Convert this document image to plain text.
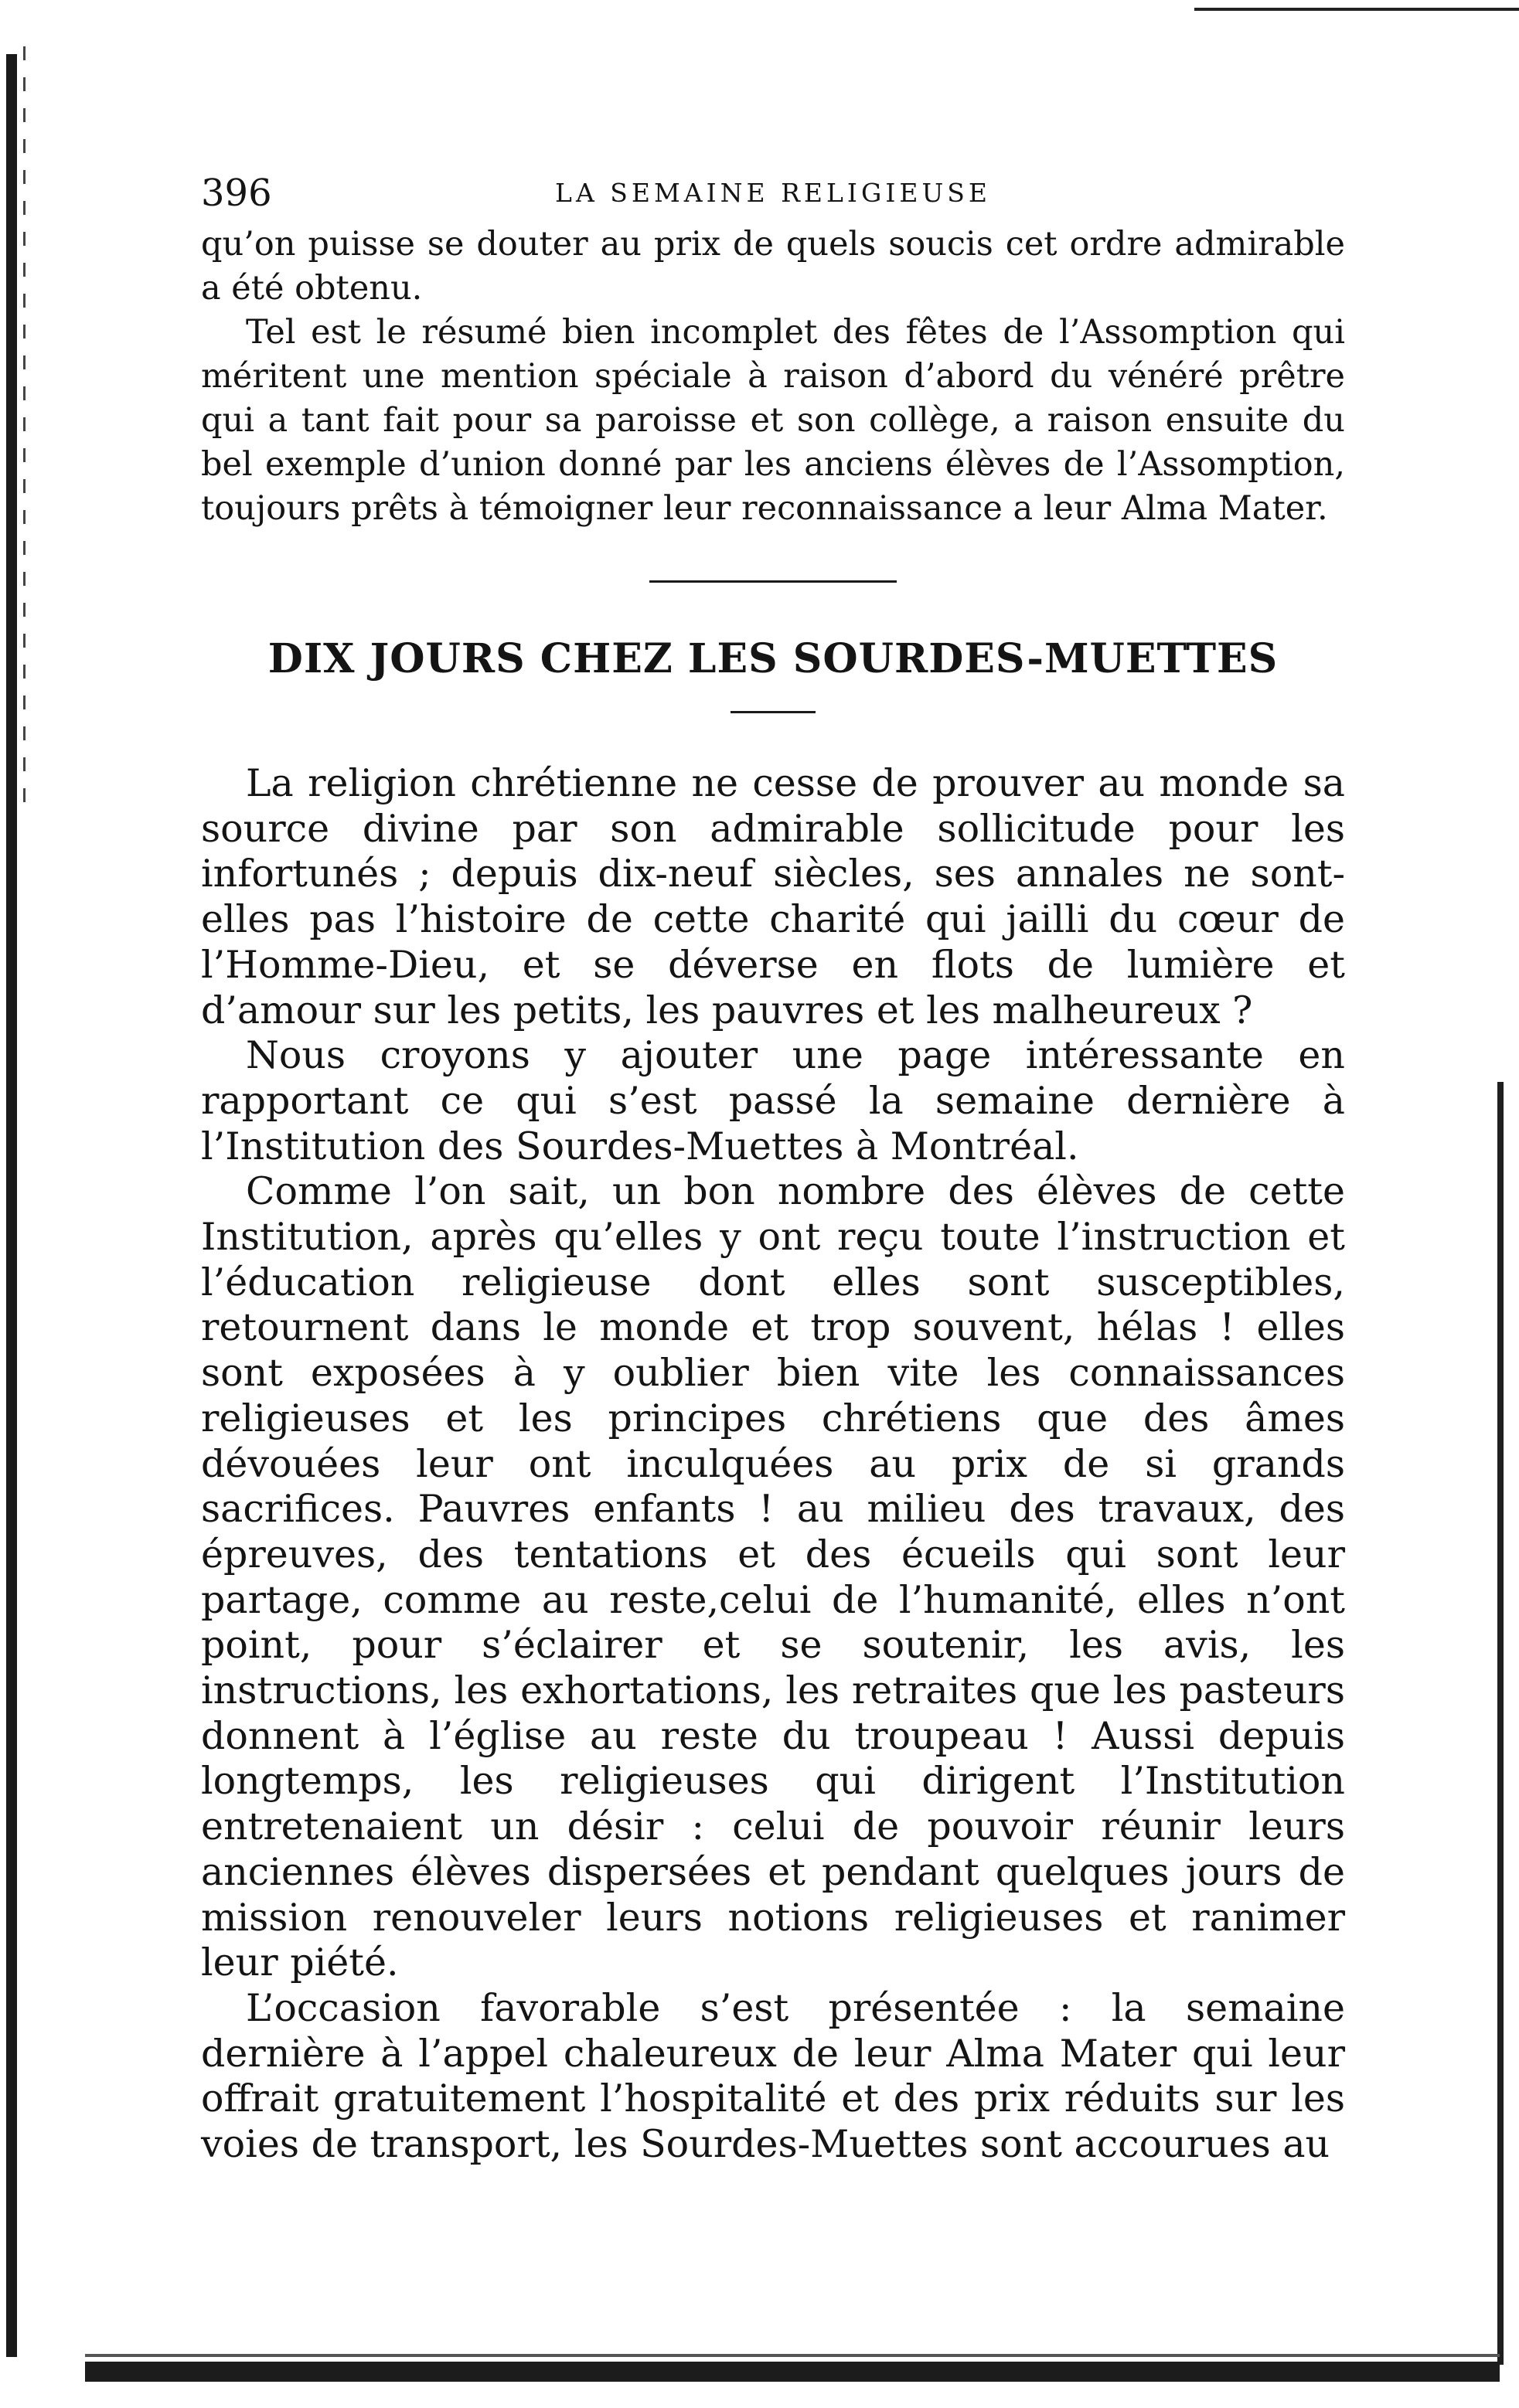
396	LA SEMAINE RELIGIEUSE

qu’on puisse se douter au prix de quels soucis cet ordre admirable a été obtenu.

Tel est le résumé bien incomplet des fêtes de l’Assomption qui méritent une mention spéciale à raison d’abord du vénéré prêtre qui a tant fait pour sa paroisse et son collège, a raison ensuite du bel exemple d’union donné par les anciens élèves de l’Assomption, toujours prêts à témoigner leur reconnaissance a leur Alma Mater.

DIX JOURS CHEZ LES SOURDES-MUETTES

La religion chrétienne ne cesse de prouver au monde sa source divine par son admirable sollicitude pour les infortunés ; depuis dix-neuf siècles, ses annales ne sont-elles pas l’histoire de cette charité qui jailli du cœur de l’Homme-Dieu, et se déverse en flots de lumière et d’amour sur les petits, les pauvres et les malheureux ?

Nous croyons y ajouter une page intéressante en rapportant ce qui s’est passé la semaine dernière à l’Institution des Sourdes-Muettes à Montréal.

Comme l’on sait, un bon nombre des élèves de cette Institution, après qu’elles y ont reçu toute l’instruction et l’éducation religieuse dont elles sont susceptibles, retournent dans le monde et trop souvent, hélas ! elles sont exposées à y oublier bien vite les connaissances religieuses et les principes chrétiens que des âmes dévouées leur ont inculquées au prix de si grands sacrifices. Pauvres enfants ! au milieu des travaux, des épreuves, des tentations et des écueils qui sont leur partage, comme au reste,celui de l’humanité, elles n’ont point, pour s’éclairer et se soutenir, les avis, les instructions, les exhortations, les retraites que les pasteurs donnent à l’église au reste du troupeau ! Aussi depuis longtemps, les religieuses qui dirigent l’Institution entretenaient un désir : celui de pouvoir réunir leurs anciennes élèves dispersées et pendant quelques jours de mission renouveler leurs notions religieuses et ranimer leur piété.

L’occasion favorable s’est présentée : la semaine dernière à l’appel chaleureux de leur Alma Mater qui leur offrait gratuitement l’hospitalité et des prix réduits sur les voies de transport, les Sourdes-Muettes sont accourues au
